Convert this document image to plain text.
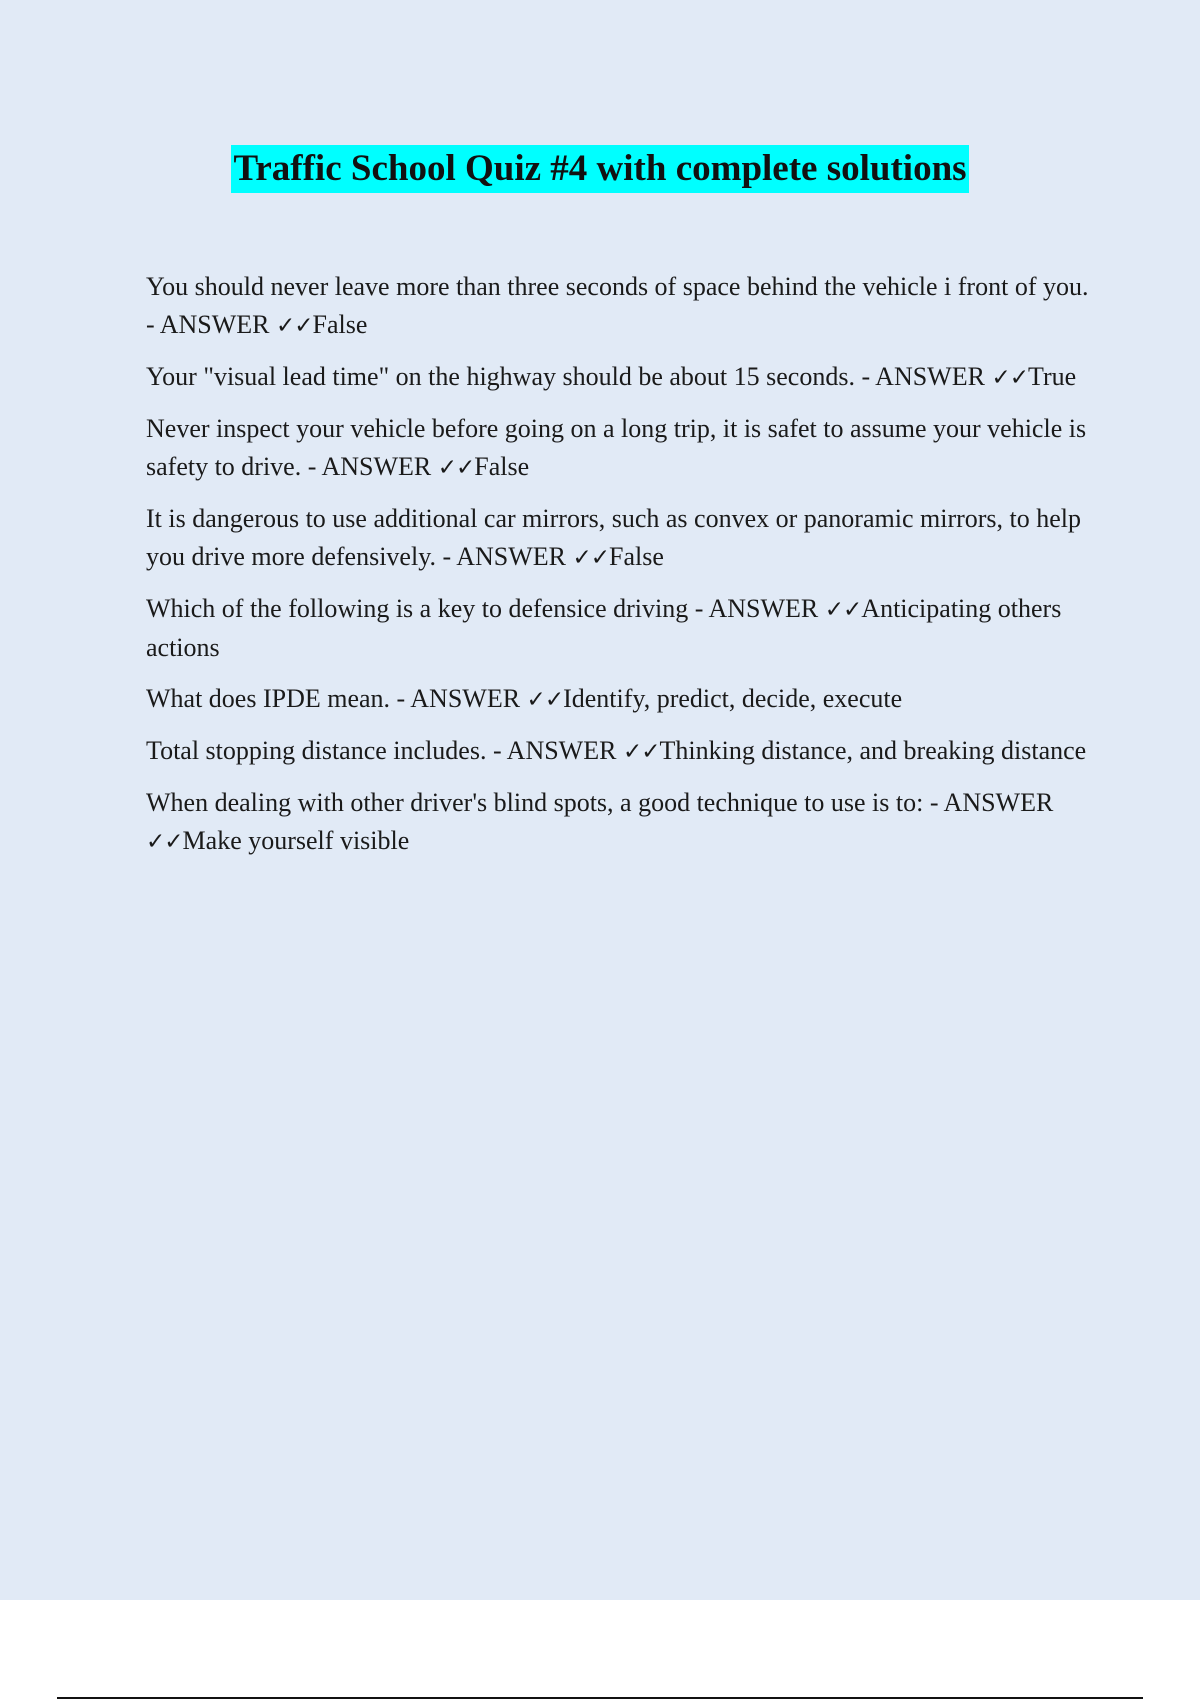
Traffic School Quiz #4 with complete solutions

You should never leave more than three seconds of space behind the vehicle i front of you. - ANSWER ✓✓False

Your "visual lead time" on the highway should be about 15 seconds. - ANSWER ✓✓True

Never inspect your vehicle before going on a long trip, it is safet to assume your vehicle is safety to drive. - ANSWER ✓✓False

It is dangerous to use additional car mirrors, such as convex or panoramic mirrors, to help you drive more defensively. - ANSWER ✓✓False

Which of the following is a key to defensice driving - ANSWER ✓✓Anticipating others actions

What does IPDE mean. - ANSWER ✓✓Identify, predict, decide, execute

Total stopping distance includes. - ANSWER ✓✓Thinking distance, and breaking distance

When dealing with other driver's blind spots, a good technique to use is to: - ANSWER ✓✓Make yourself visible
